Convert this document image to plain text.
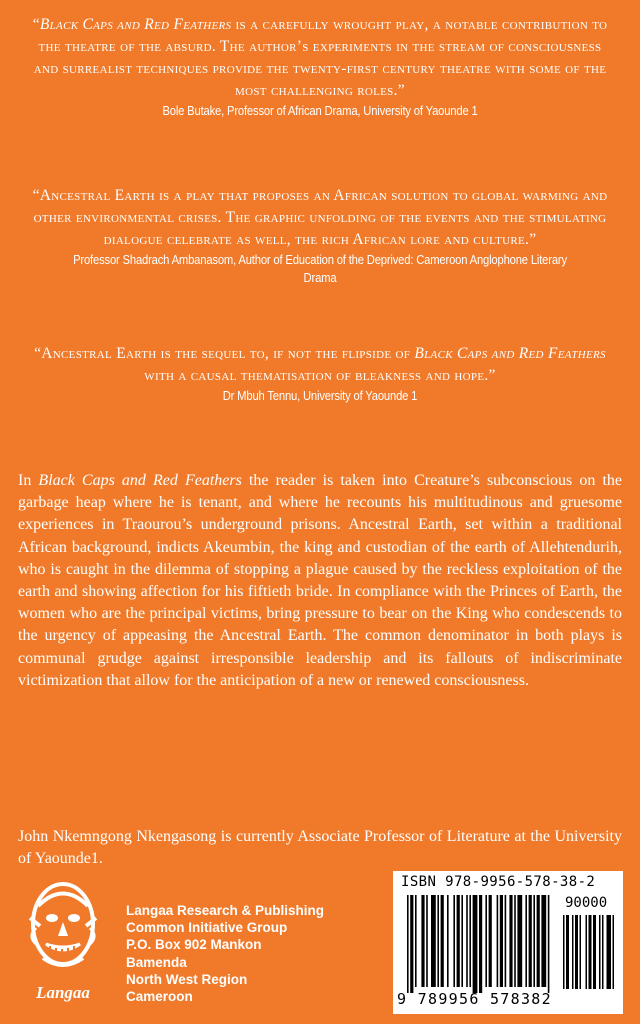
“Black Caps and Red Feathers is a carefully wrought play, a notable contribution to the theatre of the absurd. The author’s experiments in the stream of consciousness and surrealist techniques provide the twenty-first century theatre with some of the most challenging roles.”
Bole Butake, Professor of African Drama, University of Yaounde 1
“Ancestral Earth is a play that proposes an African solution to global warming and other environmental crises. The graphic unfolding of the events and the stimulating dialogue celebrate as well, the rich African lore and culture.”
Professor Shadrach Ambanasom, Author of Education of the Deprived: Cameroon Anglophone Literary Drama
“Ancestral Earth is the sequel to, if not the flipside of Black Caps and Red Feathers with a causal thematisation of bleakness and hope.”
Dr Mbuh Tennu, University of Yaounde 1
In Black Caps and Red Feathers the reader is taken into Creature’s subconscious on the garbage heap where he is tenant, and where he recounts his multitudinous and gruesome experiences in Traourou’s underground prisons. Ancestral Earth, set within a traditional African background, indicts Akeumbin, the king and custodian of the earth of Allehtendurih, who is caught in the dilemma of stopping a plague caused by the reckless exploitation of the earth and showing affection for his fiftieth bride. In compliance with the Princes of Earth, the women who are the principal victims, bring pressure to bear on the King who condescends to the urgency of appeasing the Ancestral Earth. The common denominator in both plays is communal grudge against irresponsible leadership and its fallouts of indiscriminate victimization that allow for the anticipation of a new or renewed consciousness.
John Nkemngong Nkengasong is currently Associate Professor of Literature at the University of Yaounde1.
Langaa
Langaa Research & Publishing
Common Initiative Group
P.O. Box 902 Mankon
Bamenda
North West Region
Cameroon
ISBN 978-9956-578-38-2
90000
9 789956 578382
